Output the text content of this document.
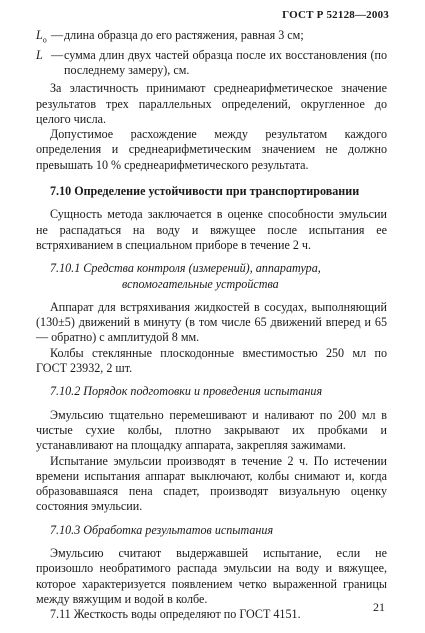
ГОСТ Р 52128—2003
$L_o$ — длина образца до его растяжения, равная 3 см;
L — сумма длин двух частей образца после их восстановления (по последнему замеру), см.

За эластичность принимают среднеарифметическое значение результатов трех параллельных определений, округленное до целого числа.

Допустимое расхождение между результатом каждого определения и среднеарифметическим значением не должно превышать 10 % среднеарифметического результата.

7.10 Определение устойчивости при транспортировании

Сущность метода заключается в оценке способности эмульсии не распадаться на воду и вяжущее после испытания ее встряхиванием в специальном приборе в течение 2 ч.

7.10.1 Средства контроля (измерений), аппаратура,
вспомогательные устройства

Аппарат для встряхивания жидкостей в сосудах, выполняющий (130±5) движений в минуту (в том числе 65 движений вперед и 65 — обратно) с амплитудой 8 мм.

Колбы стеклянные плоскодонные вместимостью 250 мл по ГОСТ 23932, 2 шт.

7.10.2 Порядок подготовки и проведения испытания

Эмульсию тщательно перемешивают и наливают по 200 мл в чистые сухие колбы, плотно закрывают их пробками и устанавливают на площадку аппарата, закрепляя зажимами.

Испытание эмульсии производят в течение 2 ч. По истечении времени испытания аппарат выключают, колбы снимают и, когда образовавшаяся пена спадет, производят визуальную оценку состояния эмульсии.

7.10.3 Обработка результатов испытания

Эмульсию считают выдержавшей испытание, если не произошло необратимого распада эмульсии на воду и вяжущее, которое характеризуется появлением четко выраженной границы между вяжущим и водой в колбе.

7.11 Жесткость воды определяют по ГОСТ 4151.

21
